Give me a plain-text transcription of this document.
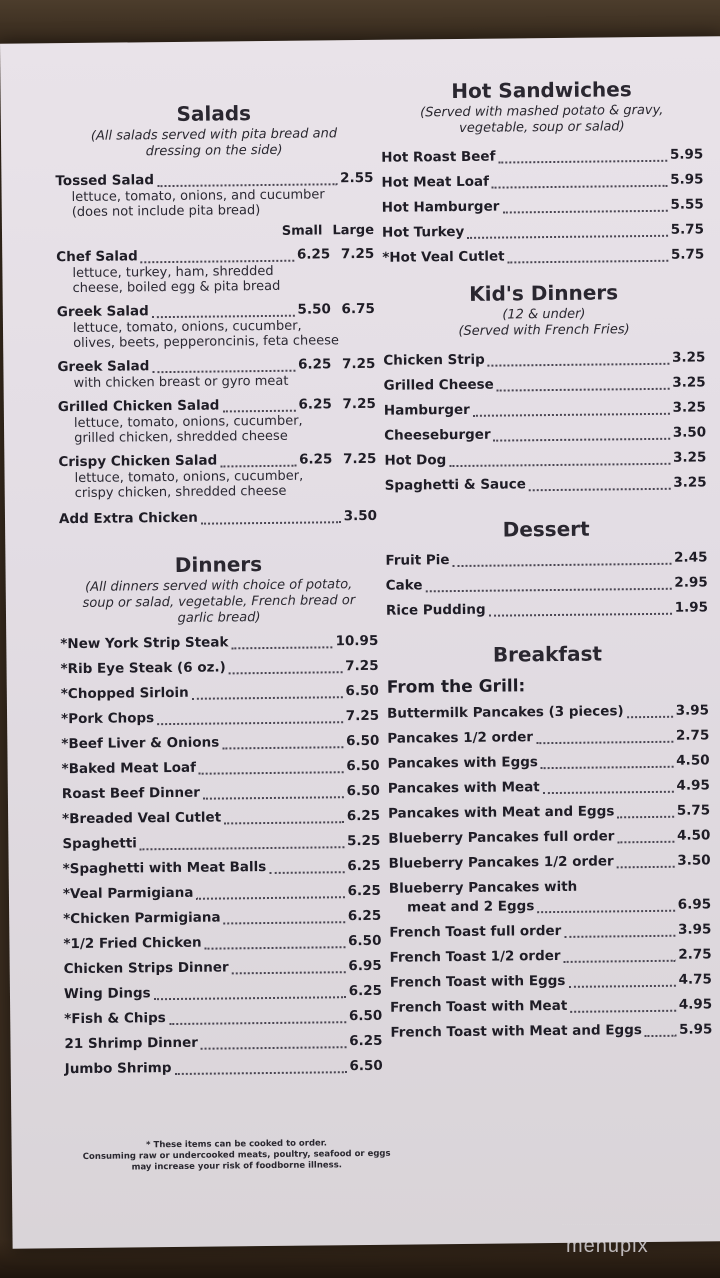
Salads
(All salads served with pita bread and dressing on the side)
Tossed Salad	2.55
lettuce, tomato, onions, and cucumber
(does not include pita bread)
Small Large
Chef Salad	6.25 7.25
lettuce, turkey, ham, shredded
cheese, boiled egg & pita bread
Greek Salad	5.50 6.75
lettuce, tomato, onions, cucumber,
olives, beets, pepperoncinis, feta cheese
Greek Salad	6.25 7.25
with chicken breast or gyro meat
Grilled Chicken Salad	6.25 7.25
lettuce, tomato, onions, cucumber,
grilled chicken, shredded cheese
Crispy Chicken Salad	6.25 7.25
lettuce, tomato, onions, cucumber,
crispy chicken, shredded cheese
Add Extra Chicken	3.50
Dinners
(All dinners served with choice of potato, soup or salad, vegetable, French bread or garlic bread)
*New York Strip Steak	10.95
*Rib Eye Steak (6 oz.)	7.25
*Chopped Sirloin	6.50
*Pork Chops	7.25
*Beef Liver & Onions	6.50
*Baked Meat Loaf	6.50
Roast Beef Dinner	6.50
*Breaded Veal Cutlet	6.25
Spaghetti	5.25
*Spaghetti with Meat Balls	6.25
*Veal Parmigiana	6.25
*Chicken Parmigiana	6.25
*1/2 Fried Chicken	6.50
Chicken Strips Dinner	6.95
Wing Dings	6.25
*Fish & Chips	6.50
21 Shrimp Dinner	6.25
Jumbo Shrimp	6.50
* These items can be cooked to order.
Consuming raw or undercooked meats, poultry, seafood or eggs
may increase your risk of foodborne illness.
Hot Sandwiches
(Served with mashed potato & gravy, vegetable, soup or salad)
Hot Roast Beef	5.95
Hot Meat Loaf	5.95
Hot Hamburger	5.55
Hot Turkey	5.75
*Hot Veal Cutlet	5.75
Kid's Dinners
(12 & under)
(Served with French Fries)
Chicken Strip	3.25
Grilled Cheese	3.25
Hamburger	3.25
Cheeseburger	3.50
Hot Dog	3.25
Spaghetti & Sauce	3.25
Dessert
Fruit Pie	2.45
Cake	2.95
Rice Pudding	1.95
Breakfast
From the Grill:
Buttermilk Pancakes (3 pieces)	3.95
Pancakes 1/2 order	2.75
Pancakes with Eggs	4.50
Pancakes with Meat	4.95
Pancakes with Meat and Eggs	5.75
Blueberry Pancakes full order	4.50
Blueberry Pancakes 1/2 order	3.50
Blueberry Pancakes with
meat and 2 Eggs	6.95
French Toast full order	3.95
French Toast 1/2 order	2.75
French Toast with Eggs	4.75
French Toast with Meat	4.95
French Toast with Meat and Eggs	5.95
menupix
